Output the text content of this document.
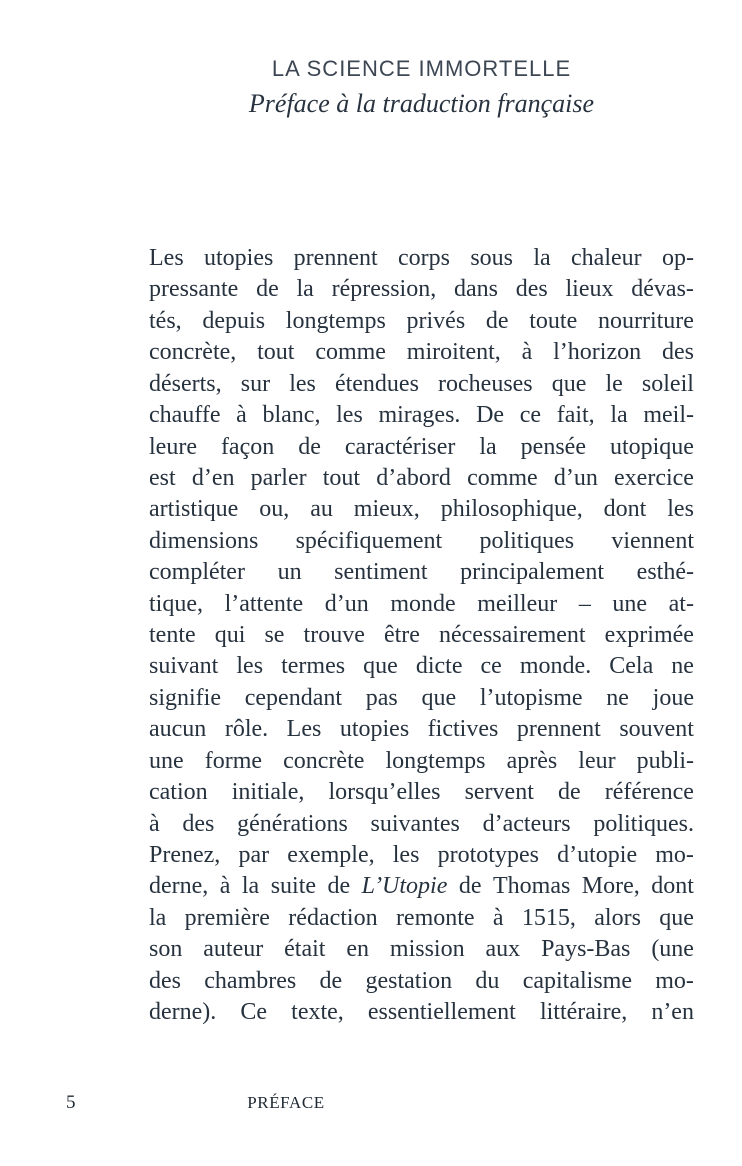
LA SCIENCE IMMORTELLE
Préface à la traduction française
Les utopies prennent corps sous la chaleur op-
pressante de la répression, dans des lieux dévas-
tés, depuis longtemps privés de toute nourriture
concrète, tout comme miroitent, à l’horizon des
déserts, sur les étendues rocheuses que le soleil
chauffe à blanc, les mirages. De ce fait, la meil-
leure façon de caractériser la pensée utopique
est d’en parler tout d’abord comme d’un exercice
artistique ou, au mieux, philosophique, dont les
dimensions spécifiquement politiques viennent
compléter un sentiment principalement esthé-
tique, l’attente d’un monde meilleur – une at-
tente qui se trouve être nécessairement exprimée
suivant les termes que dicte ce monde. Cela ne
signifie cependant pas que l’utopisme ne joue
aucun rôle. Les utopies fictives prennent souvent
une forme concrète longtemps après leur publi-
cation initiale, lorsqu’elles servent de référence
à des générations suivantes d’acteurs politiques.
Prenez, par exemple, les prototypes d’utopie mo-
derne, à la suite de L’Utopie de Thomas More, dont
la première rédaction remonte à 1515, alors que
son auteur était en mission aux Pays-Bas (une
des chambres de gestation du capitalisme mo-
derne). Ce texte, essentiellement littéraire, n’en
5	PRÉFACE
